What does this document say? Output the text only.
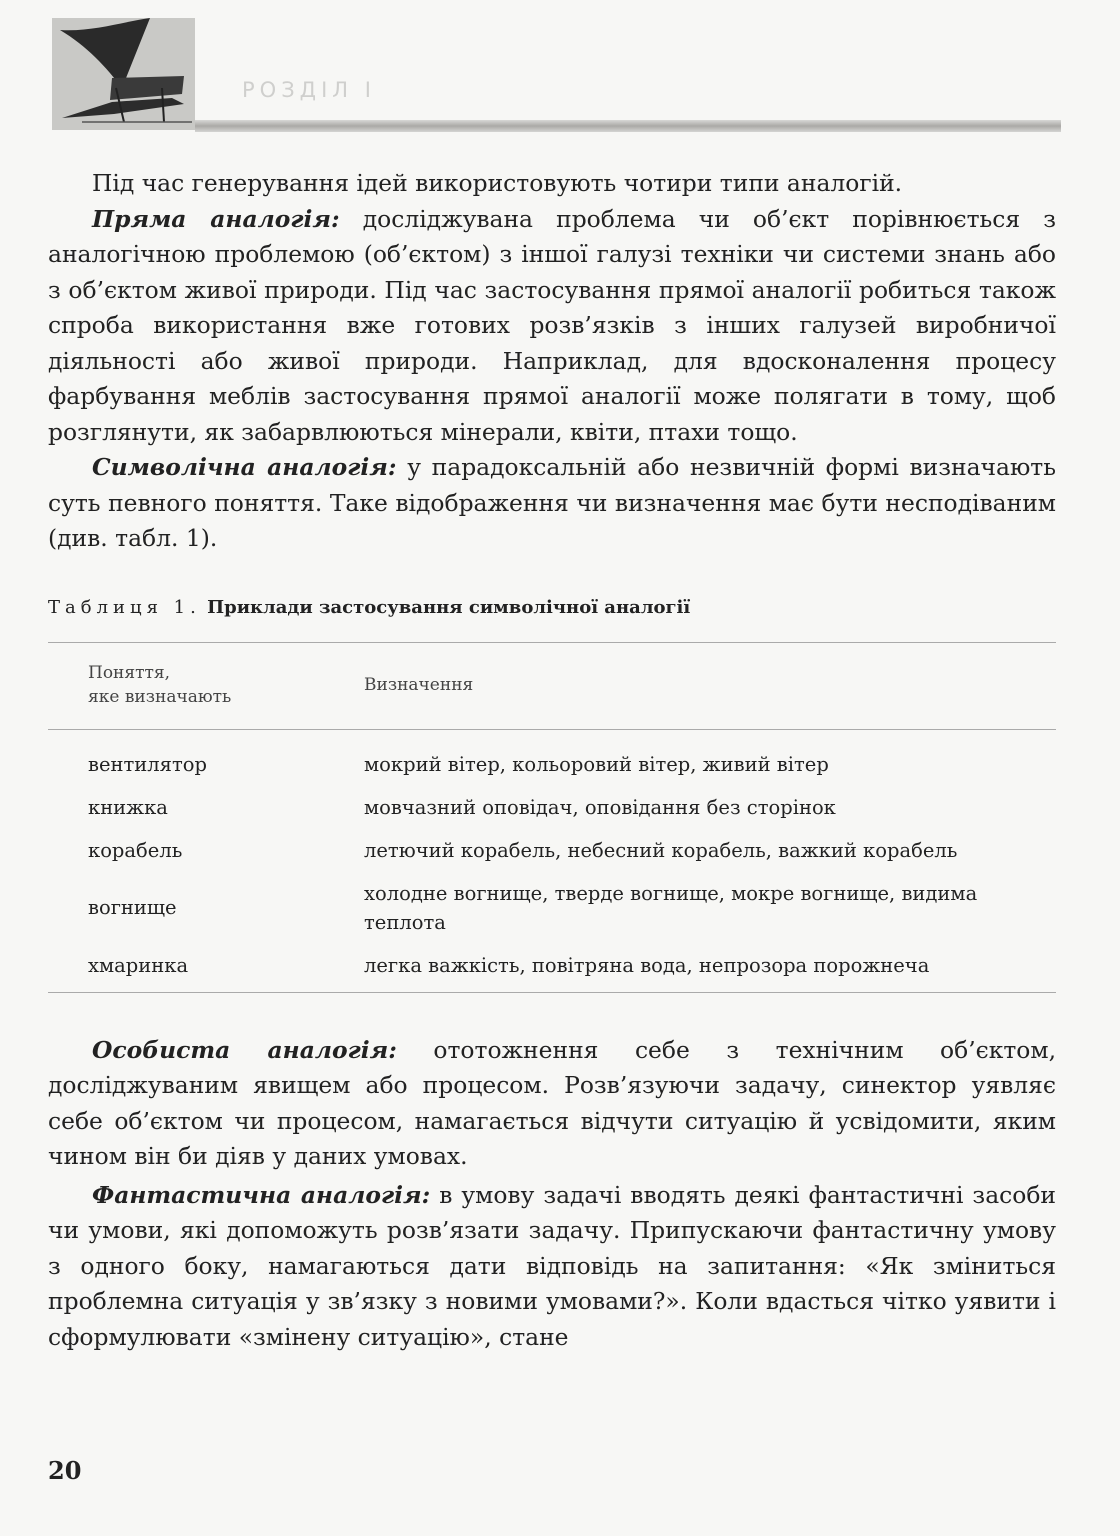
РОЗДІЛ І

Під час генерування ідей використовують чотири типи аналогій.

Пряма аналогія: досліджувана проблема чи об’єкт порівнюється з аналогічною проблемою (об’єктом) з іншої галузі техніки чи системи знань або з об’єктом живої природи. Під час застосування прямої аналогії робиться також спроба використання вже готових розв’язків з інших галузей виробничої діяльності або живої природи. Наприклад, для вдосконалення процесу фарбування меблів застосування прямої аналогії може полягати в тому, щоб розглянути, як забарвлюються мінерали, квіти, птахи тощо.

Символічна аналогія: у парадоксальній або незвичній формі визначають суть певного поняття. Таке відображення чи визначення має бути несподіваним (див. табл. 1).

Таблиця 1. Приклади застосування символічної аналогії
Поняття,
яке визначають	Визначення
вентилятор	мокрий вітер, кольоровий вітер, живий вітер
книжка	мовчазний оповідач, оповідання без сторінок
корабель	летючий корабель, небесний корабель, важкий корабель
вогнище	холодне вогнище, тверде вогнище, мокре вогнище, видима теплота
хмаринка	легка важкість, повітряна вода, непрозора порожнеча

Особиста аналогія: ототожнення себе з технічним об’єктом, досліджуваним явищем або процесом. Розв’язуючи задачу, синектор уявляє себе об’єктом чи процесом, намагається відчути ситуацію й усвідомити, яким чином він би діяв у даних умовах.

Фантастична аналогія: в умову задачі вводять деякі фантастичні засоби чи умови, які допоможуть розв’язати задачу. Припускаючи фантастичну умову з одного боку, намагаються дати відповідь на запитання: «Як зміниться проблемна ситуація у зв’язку з новими умовами?». Коли вдасться чітко уявити і сформулювати «змінену ситуацію», стане

20
